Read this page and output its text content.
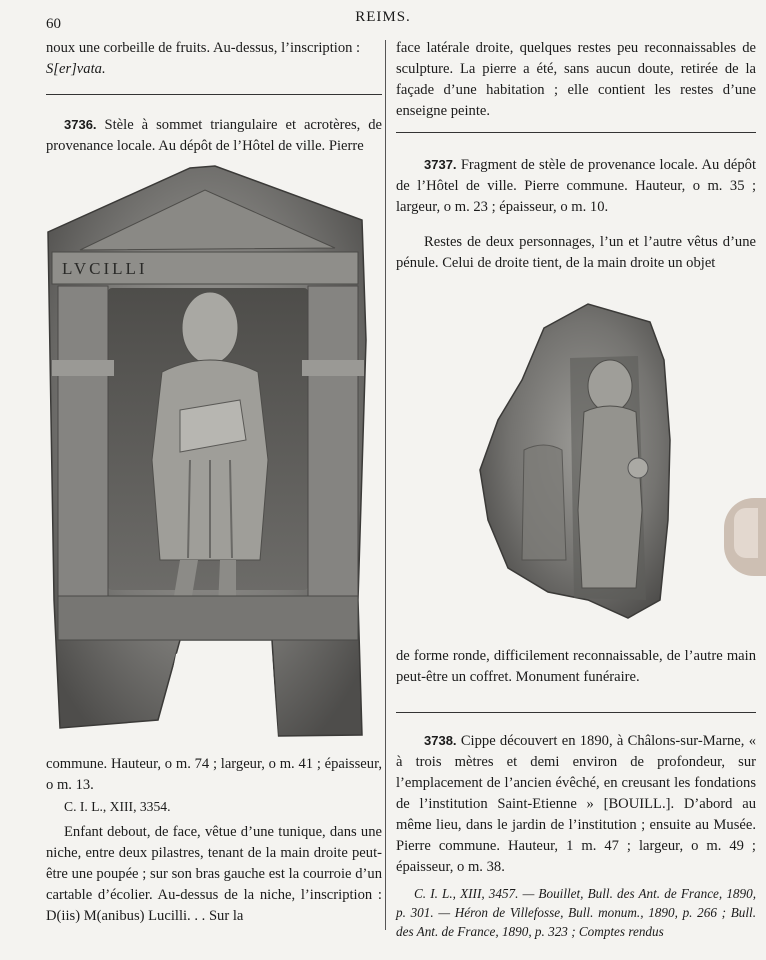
60	REIMS.

noux une corbeille de fruits. Au-dessus, l’inscription :

S[er]vata.

3736. Stèle à sommet triangulaire et acrotères, de provenance locale. Au dépôt de l’Hôtel de ville. Pierre
LVCILLI
commune. Hauteur, o m. 74 ; largeur, o m. 41 ; épaisseur, o m. 13.
C. I. L., XIII, 3354.
Enfant debout, de face, vêtue d’une tunique, dans une niche, entre deux pilastres, tenant de la main droite peut-être une poupée ; sur son bras gauche est la courroie d’un cartable d’écolier. Au-dessus de la niche, l’inscription : D(iis) M(anibus) Lucilli. . . Sur la
face latérale droite, quelques restes peu reconnaissables de sculpture. La pierre a été, sans aucun doute, retirée de la façade d’une habitation ; elle contient les restes d’une enseigne peinte.
3737. Fragment de stèle de provenance locale. Au dépôt de l’Hôtel de ville. Pierre commune. Hauteur, o m. 35 ; largeur, o m. 23 ; épaisseur, o m. 10.
Restes de deux personnages, l’un et l’autre vêtus d’une pénule. Celui de droite tient, de la main droite un objet
de forme ronde, difficilement reconnaissable, de l’autre main peut-être un coffret. Monument funéraire.
3738. Cippe découvert en 1890, à Châlons-sur-Marne, « à trois mètres et demi environ de profondeur, sur l’emplacement de l’ancien évêché, en creusant les fondations de l’institution Saint-Etienne » [BOUILL.]. D’abord au même lieu, dans le jardin de l’institution ; ensuite au Musée. Pierre commune. Hauteur, 1 m. 47 ; largeur, o m. 49 ; épaisseur, o m. 38.
C. I. L., XIII, 3457. — Bouillet, Bull. des Ant. de France, 1890, p. 301. — Héron de Villefosse, Bull. monum., 1890, p. 266 ; Bull. des Ant. de France, 1890, p. 323 ; Comptes rendus
